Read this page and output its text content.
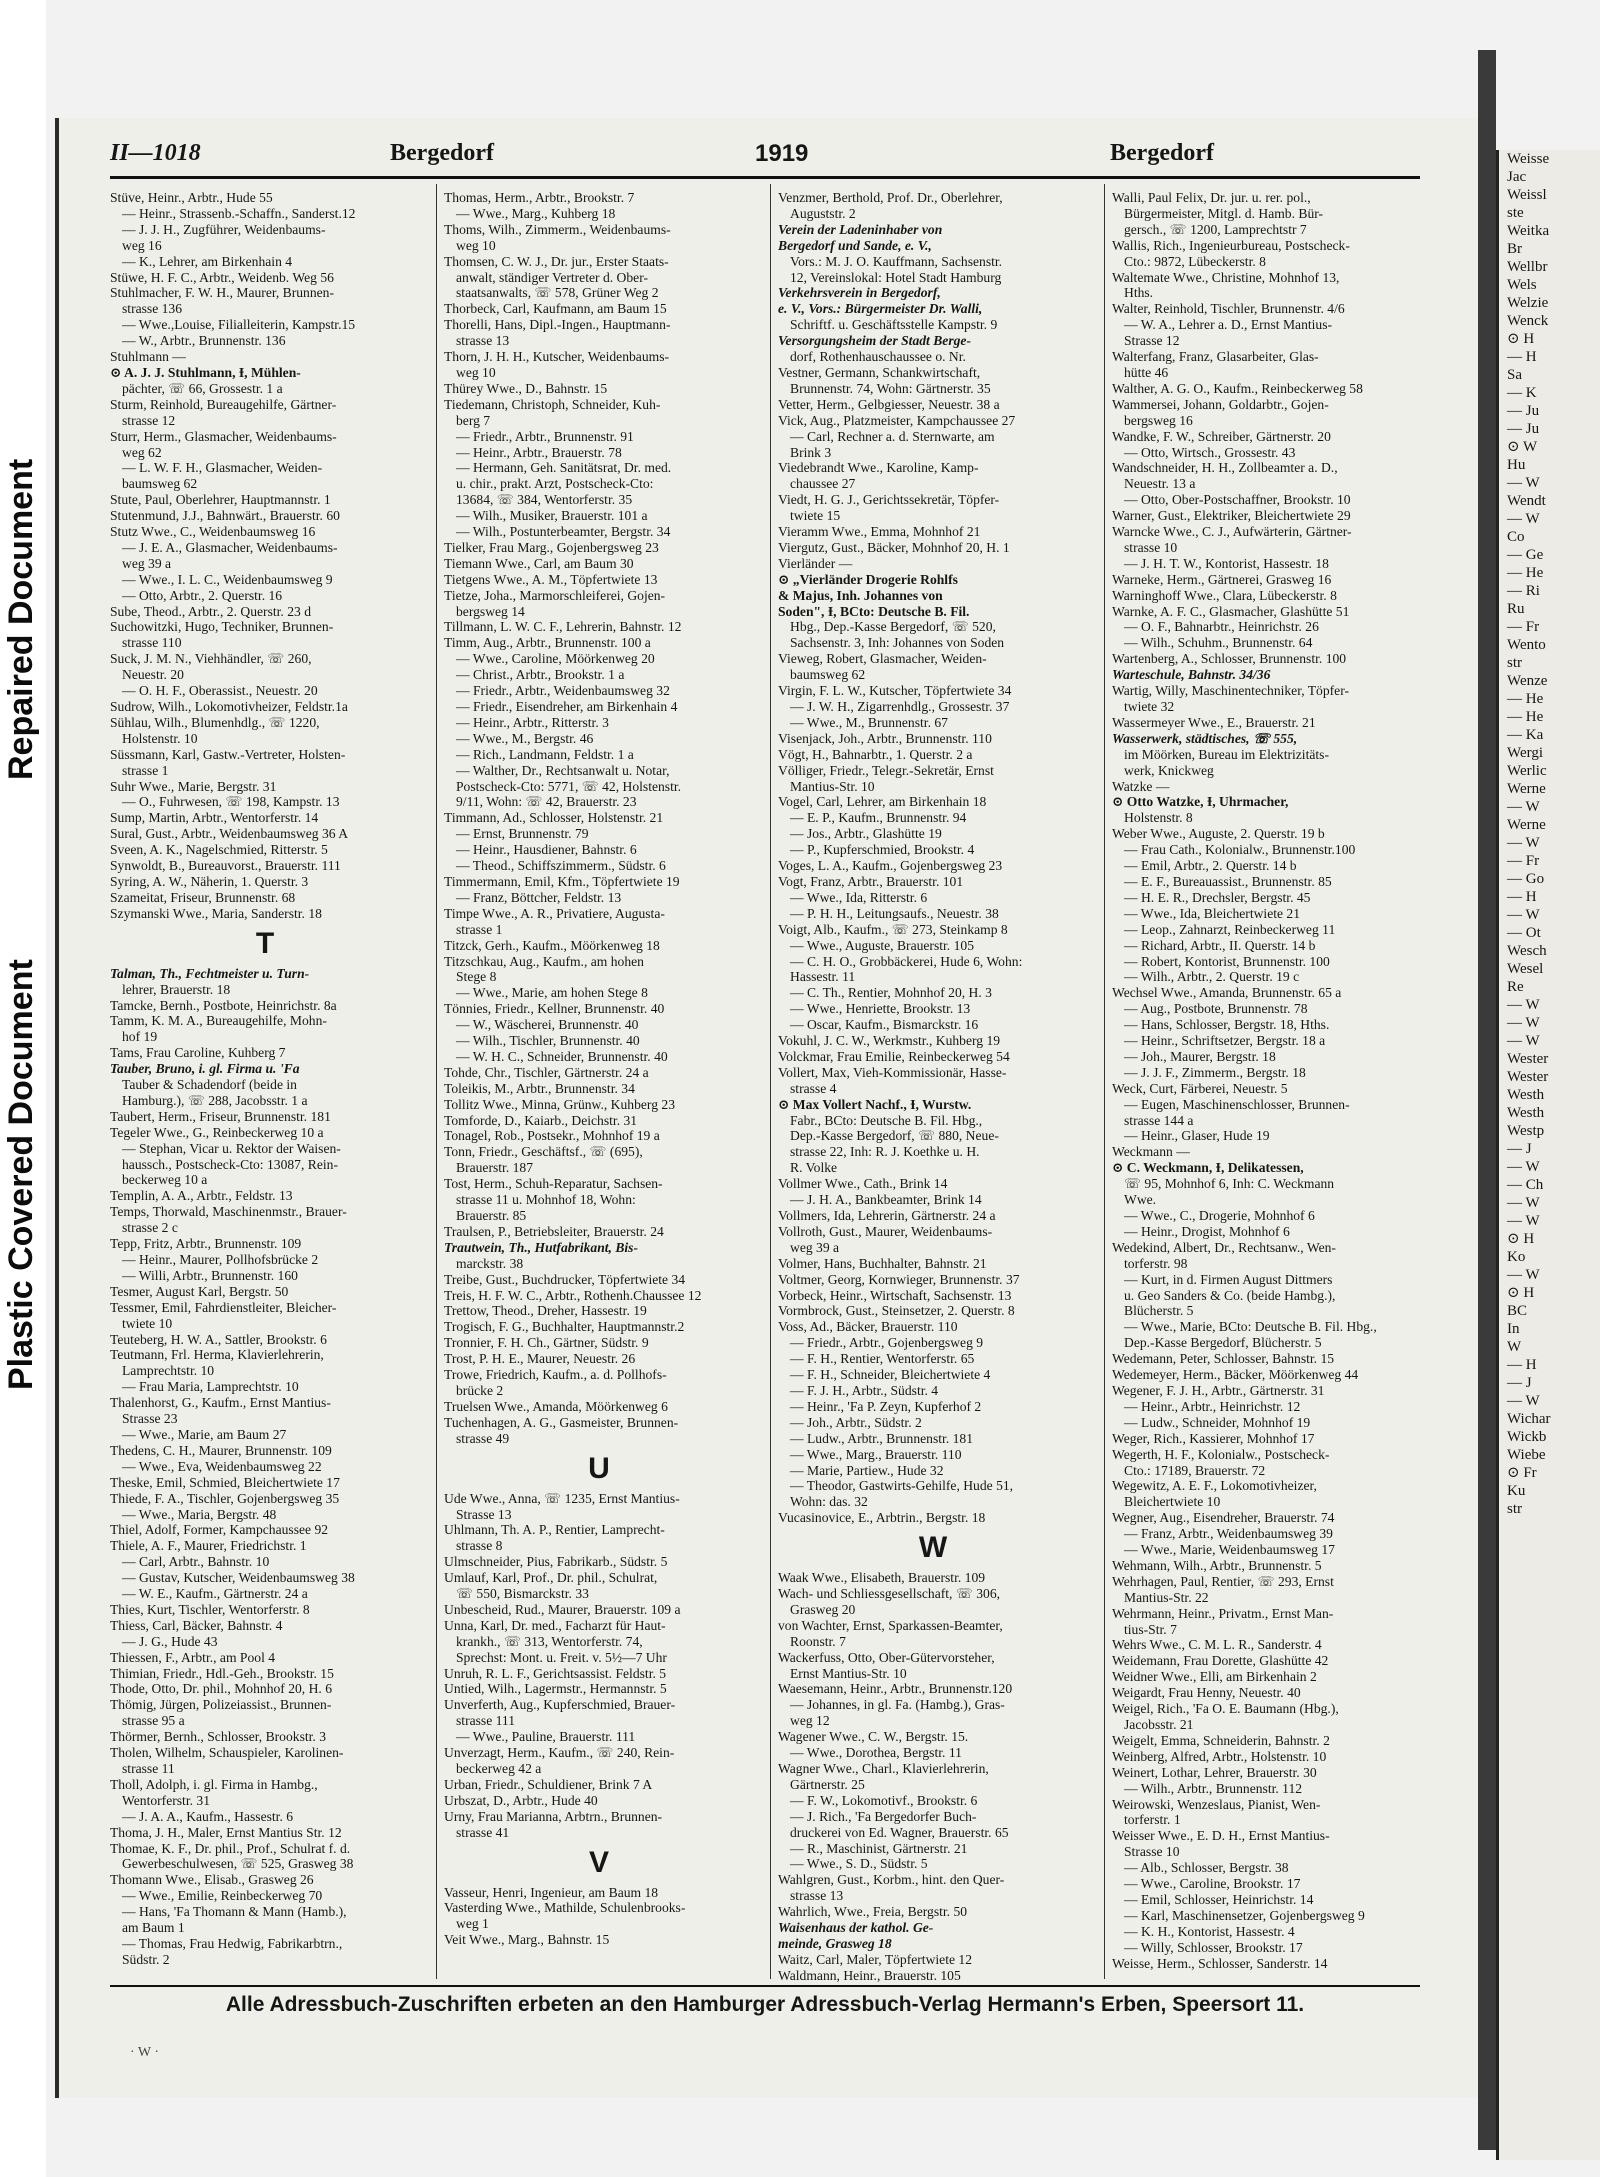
Repaired Document
Plastic Covered Document
Weisse
Jac
Weissl
ste
Weitka
Br
Wellbr
Wels
Welzie
Wenck
⊙ H
— H
Sa
— K
— Ju
— Ju
⊙ W
Hu
— W
Wendt
— W
Co
— Ge
— He
— Ri
Ru
— Fr
Wento
str
Wenze
— He
— He
— Ka
Wergi
Werlic
Werne
— W
Werne
— W
— Fr
— Go
— H
— W
— Ot
Wesch
Wesel
Re
— W
— W
— W
Wester
Wester
Westh
Westh
Westp
— J
— W
— Ch
— W
— W
⊙ H
Ko
— W
⊙ H
BC
In
W
— H
— J
— W
Wichar
Wickb
Wiebe
⊙ Fr
Ku
str
II—1018	Bergedorf	1919	Bergedorf
Stüve, Heinr., Arbtr., Hude 55
— Heinr., Strassenb.-Schaffn., Sanderst.12
— J. J. H., Zugführer, Weidenbaums-
weg 16
— K., Lehrer, am Birkenhain 4
Stüwe, H. F. C., Arbtr., Weidenb. Weg 56
Stuhlmacher, F. W. H., Maurer, Brunnen-
strasse 136
— Wwe.,Louise, Filialleiterin, Kampstr.15
— W., Arbtr., Brunnenstr. 136
Stuhlmann —
⊙ A. J. J. Stuhlmann, Ɨ, Mühlen-
pächter, ☏ 66, Grossestr. 1 a
Sturm, Reinhold, Bureaugehilfe, Gärtner-
strasse 12
Sturr, Herm., Glasmacher, Weidenbaums-
weg 62
— L. W. F. H., Glasmacher, Weiden-
baumsweg 62
Stute, Paul, Oberlehrer, Hauptmannstr. 1
Stutenmund, J.J., Bahnwärt., Brauerstr. 60
Stutz Wwe., C., Weidenbaumsweg 16
— J. E. A., Glasmacher, Weidenbaums-
weg 39 a
— Wwe., I. L. C., Weidenbaumsweg 9
— Otto, Arbtr., 2. Querstr. 16
Sube, Theod., Arbtr., 2. Querstr. 23 d
Suchowitzki, Hugo, Techniker, Brunnen-
strasse 110
Suck, J. M. N., Viehhändler, ☏ 260,
Neuestr. 20
— O. H. F., Oberassist., Neuestr. 20
Sudrow, Wilh., Lokomotivheizer, Feldstr.1a
Sühlau, Wilh., Blumenhdlg., ☏ 1220,
Holstenstr. 10
Süssmann, Karl, Gastw.-Vertreter, Holsten-
strasse 1
Suhr Wwe., Marie, Bergstr. 31
— O., Fuhrwesen, ☏ 198, Kampstr. 13
Sump, Martin, Arbtr., Wentorferstr. 14
Sural, Gust., Arbtr., Weidenbaumsweg 36 A
Sveen, A. K., Nagelschmied, Ritterstr. 5
Synwoldt, B., Bureauvorst., Brauerstr. 111
Syring, A. W., Näherin, 1. Querstr. 3
Szameitat, Friseur, Brunnenstr. 68
Szymanski Wwe., Maria, Sanderstr. 18
T
Talman, Th., Fechtmeister u. Turn-
lehrer, Brauerstr. 18
Tamcke, Bernh., Postbote, Heinrichstr. 8a
Tamm, K. M. A., Bureaugehilfe, Mohn-
hof 19
Tams, Frau Caroline, Kuhberg 7
Tauber, Bruno, i. gl. Firma u. 'Fa
Tauber & Schadendorf (beide in
Hamburg.), ☏ 288, Jacobsstr. 1 a
Taubert, Herm., Friseur, Brunnenstr. 181
Tegeler Wwe., G., Reinbeckerweg 10 a
— Stephan, Vicar u. Rektor der Waisen-
haussch., Postscheck-Cto: 13087, Rein-
beckerweg 10 a
Templin, A. A., Arbtr., Feldstr. 13
Temps, Thorwald, Maschinenmstr., Brauer-
strasse 2 c
Tepp, Fritz, Arbtr., Brunnenstr. 109
— Heinr., Maurer, Pollhofsbrücke 2
— Willi, Arbtr., Brunnenstr. 160
Tesmer, August Karl, Bergstr. 50
Tessmer, Emil, Fahrdienstleiter, Bleicher-
twiete 10
Teuteberg, H. W. A., Sattler, Brookstr. 6
Teutmann, Frl. Herma, Klavierlehrerin,
Lamprechtstr. 10
— Frau Maria, Lamprechtstr. 10
Thalenhorst, G., Kaufm., Ernst Mantius-
Strasse 23
— Wwe., Marie, am Baum 27
Thedens, C. H., Maurer, Brunnenstr. 109
— Wwe., Eva, Weidenbaumsweg 22
Theske, Emil, Schmied, Bleichertwiete 17
Thiede, F. A., Tischler, Gojenbergsweg 35
— Wwe., Maria, Bergstr. 48
Thiel, Adolf, Former, Kampchaussee 92
Thiele, A. F., Maurer, Friedrichstr. 1
— Carl, Arbtr., Bahnstr. 10
— Gustav, Kutscher, Weidenbaumsweg 38
— W. E., Kaufm., Gärtnerstr. 24 a
Thies, Kurt, Tischler, Wentorferstr. 8
Thiess, Carl, Bäcker, Bahnstr. 4
— J. G., Hude 43
Thiessen, F., Arbtr., am Pool 4
Thimian, Friedr., Hdl.-Geh., Brookstr. 15
Thode, Otto, Dr. phil., Mohnhof 20, H. 6
Thömig, Jürgen, Polizeiassist., Brunnen-
strasse 95 a
Thörmer, Bernh., Schlosser, Brookstr. 3
Tholen, Wilhelm, Schauspieler, Karolinen-
strasse 11
Tholl, Adolph, i. gl. Firma in Hambg.,
Wentorferstr. 31
— J. A. A., Kaufm., Hassestr. 6
Thoma, J. H., Maler, Ernst Mantius Str. 12
Thomae, K. F., Dr. phil., Prof., Schulrat f. d.
Gewerbeschulwesen, ☏ 525, Grasweg 38
Thomann Wwe., Elisab., Grasweg 26
— Wwe., Emilie, Reinbeckerweg 70
— Hans, 'Fa Thomann & Mann (Hamb.),
am Baum 1
— Thomas, Frau Hedwig, Fabrikarbtrn.,
Südstr. 2
Thomas, Herm., Arbtr., Brookstr. 7
— Wwe., Marg., Kuhberg 18
Thoms, Wilh., Zimmerm., Weidenbaums-
weg 10
Thomsen, C. W. J., Dr. jur., Erster Staats-
anwalt, ständiger Vertreter d. Ober-
staatsanwalts, ☏ 578, Grüner Weg 2
Thorbeck, Carl, Kaufmann, am Baum 15
Thorelli, Hans, Dipl.-Ingen., Hauptmann-
strasse 13
Thorn, J. H. H., Kutscher, Weidenbaums-
weg 10
Thürey Wwe., D., Bahnstr. 15
Tiedemann, Christoph, Schneider, Kuh-
berg 7
— Friedr., Arbtr., Brunnenstr. 91
— Heinr., Arbtr., Brauerstr. 78
— Hermann, Geh. Sanitätsrat, Dr. med.
u. chir., prakt. Arzt, Postscheck-Cto:
13684, ☏ 384, Wentorferstr. 35
— Wilh., Musiker, Brauerstr. 101 a
— Wilh., Postunterbeamter, Bergstr. 34
Tielker, Frau Marg., Gojenbergsweg 23
Tiemann Wwe., Carl, am Baum 30
Tietgens Wwe., A. M., Töpfertwiete 13
Tietze, Joha., Marmorschleiferei, Gojen-
bergsweg 14
Tillmann, L. W. C. F., Lehrerin, Bahnstr. 12
Timm, Aug., Arbtr., Brunnenstr. 100 a
— Wwe., Caroline, Möörkenweg 20
— Christ., Arbtr., Brookstr. 1 a
— Friedr., Arbtr., Weidenbaumsweg 32
— Friedr., Eisendreher, am Birkenhain 4
— Heinr., Arbtr., Ritterstr. 3
— Wwe., M., Bergstr. 46
— Rich., Landmann, Feldstr. 1 a
— Walther, Dr., Rechtsanwalt u. Notar,
Postscheck-Cto: 5771, ☏ 42, Holstenstr.
9/11, Wohn: ☏ 42, Brauerstr. 23
Timmann, Ad., Schlosser, Holstenstr. 21
— Ernst, Brunnenstr. 79
— Heinr., Hausdiener, Bahnstr. 6
— Theod., Schiffszimmerm., Südstr. 6
Timmermann, Emil, Kfm., Töpfertwiete 19
— Franz, Böttcher, Feldstr. 13
Timpe Wwe., A. R., Privatiere, Augusta-
strasse 1
Titzck, Gerh., Kaufm., Möörkenweg 18
Titzschkau, Aug., Kaufm., am hohen
Stege 8
— Wwe., Marie, am hohen Stege 8
Tönnies, Friedr., Kellner, Brunnenstr. 40
— W., Wäscherei, Brunnenstr. 40
— Wilh., Tischler, Brunnenstr. 40
— W. H. C., Schneider, Brunnenstr. 40
Tohde, Chr., Tischler, Gärtnerstr. 24 a
Toleikis, M., Arbtr., Brunnenstr. 34
Tollitz Wwe., Minna, Grünw., Kuhberg 23
Tomforde, D., Kaiarb., Deichstr. 31
Tonagel, Rob., Postsekr., Mohnhof 19 a
Tonn, Friedr., Geschäftsf., ☏ (695),
Brauerstr. 187
Tost, Herm., Schuh-Reparatur, Sachsen-
strasse 11 u. Mohnhof 18, Wohn:
Brauerstr. 85
Traulsen, P., Betriebsleiter, Brauerstr. 24
Trautwein, Th., Hutfabrikant, Bis-
marckstr. 38
Treibe, Gust., Buchdrucker, Töpfertwiete 34
Treis, H. F. W. C., Arbtr., Rothenh.Chaussee 12
Trettow, Theod., Dreher, Hassestr. 19
Trogisch, F. G., Buchhalter, Hauptmannstr.2
Tronnier, F. H. Ch., Gärtner, Südstr. 9
Trost, P. H. E., Maurer, Neuestr. 26
Trowe, Friedrich, Kaufm., a. d. Pollhofs-
brücke 2
Truelsen Wwe., Amanda, Möörkenweg 6
Tuchenhagen, A. G., Gasmeister, Brunnen-
strasse 49
U
Ude Wwe., Anna, ☏ 1235, Ernst Mantius-
Strasse 13
Uhlmann, Th. A. P., Rentier, Lamprecht-
strasse 8
Ulmschneider, Pius, Fabrikarb., Südstr. 5
Umlauf, Karl, Prof., Dr. phil., Schulrat,
☏ 550, Bismarckstr. 33
Unbescheid, Rud., Maurer, Brauerstr. 109 a
Unna, Karl, Dr. med., Facharzt für Haut-
krankh., ☏ 313, Wentorferstr. 74,
Sprechst: Mont. u. Freit. v. 5½—7 Uhr
Unruh, R. L. F., Gerichtsassist. Feldstr. 5
Untied, Wilh., Lagermstr., Hermannstr. 5
Unverferth, Aug., Kupferschmied, Brauer-
strasse 111
— Wwe., Pauline, Brauerstr. 111
Unverzagt, Herm., Kaufm., ☏ 240, Rein-
beckerweg 42 a
Urban, Friedr., Schuldiener, Brink 7 A
Urbszat, D., Arbtr., Hude 40
Urny, Frau Marianna, Arbtrn., Brunnen-
strasse 41
V
Vasseur, Henri, Ingenieur, am Baum 18
Vasterding Wwe., Mathilde, Schulenbrooks-
weg 1
Veit Wwe., Marg., Bahnstr. 15
Venzmer, Berthold, Prof. Dr., Oberlehrer,
Auguststr. 2
Verein der Ladeninhaber von
Bergedorf und Sande, e. V.,
Vors.: M. J. O. Kauffmann, Sachsenstr.
12, Vereinslokal: Hotel Stadt Hamburg
Verkehrsverein in Bergedorf,
e. V., Vors.: Bürgermeister Dr. Walli,
Schriftf. u. Geschäftsstelle Kampstr. 9
Versorgungsheim der Stadt Berge-
dorf, Rothenhauschaussee o. Nr.
Vestner, Germann, Schankwirtschaft,
Brunnenstr. 74, Wohn: Gärtnerstr. 35
Vetter, Herm., Gelbgiesser, Neuestr. 38 a
Vick, Aug., Platzmeister, Kampchaussee 27
— Carl, Rechner a. d. Sternwarte, am
Brink 3
Viedebrandt Wwe., Karoline, Kamp-
chaussee 27
Viedt, H. G. J., Gerichtssekretär, Töpfer-
twiete 15
Vieramm Wwe., Emma, Mohnhof 21
Viergutz, Gust., Bäcker, Mohnhof 20, H. 1
Vierländer —
⊙ „Vierländer Drogerie Rohlfs
& Majus, Inh. Johannes von
Soden", Ɨ, BCto: Deutsche B. Fil.
Hbg., Dep.-Kasse Bergedorf, ☏ 520,
Sachsenstr. 3, Inh: Johannes von Soden
Vieweg, Robert, Glasmacher, Weiden-
baumsweg 62
Virgin, F. L. W., Kutscher, Töpfertwiete 34
— J. W. H., Zigarrenhdlg., Grossestr. 37
— Wwe., M., Brunnenstr. 67
Visenjack, Joh., Arbtr., Brunnenstr. 110
Vögt, H., Bahnarbtr., 1. Querstr. 2 a
Völliger, Friedr., Telegr.-Sekretär, Ernst
Mantius-Str. 10
Vogel, Carl, Lehrer, am Birkenhain 18
— E. P., Kaufm., Brunnenstr. 94
— Jos., Arbtr., Glashütte 19
— P., Kupferschmied, Brookstr. 4
Voges, L. A., Kaufm., Gojenbergsweg 23
Vogt, Franz, Arbtr., Brauerstr. 101
— Wwe., Ida, Ritterstr. 6
— P. H. H., Leitungsaufs., Neuestr. 38
Voigt, Alb., Kaufm., ☏ 273, Steinkamp 8
— Wwe., Auguste, Brauerstr. 105
— C. H. O., Grobbäckerei, Hude 6, Wohn:
Hassestr. 11
— C. Th., Rentier, Mohnhof 20, H. 3
— Wwe., Henriette, Brookstr. 13
— Oscar, Kaufm., Bismarckstr. 16
Vokuhl, J. C. W., Werkmstr., Kuhberg 19
Volckmar, Frau Emilie, Reinbeckerweg 54
Vollert, Max, Vieh-Kommissionär, Hasse-
strasse 4
⊙ Max Vollert Nachf., Ɨ, Wurstw.
Fabr., BCto: Deutsche B. Fil. Hbg.,
Dep.-Kasse Bergedorf, ☏ 880, Neue-
strasse 22, Inh: R. J. Koethke u. H.
R. Volke
Vollmer Wwe., Cath., Brink 14
— J. H. A., Bankbeamter, Brink 14
Vollmers, Ida, Lehrerin, Gärtnerstr. 24 a
Vollroth, Gust., Maurer, Weidenbaums-
weg 39 a
Volmer, Hans, Buchhalter, Bahnstr. 21
Voltmer, Georg, Kornwieger, Brunnenstr. 37
Vorbeck, Heinr., Wirtschaft, Sachsenstr. 13
Vormbrock, Gust., Steinsetzer, 2. Querstr. 8
Voss, Ad., Bäcker, Brauerstr. 110
— Friedr., Arbtr., Gojenbergsweg 9
— F. H., Rentier, Wentorferstr. 65
— F. H., Schneider, Bleichertwiete 4
— F. J. H., Arbtr., Südstr. 4
— Heinr., 'Fa P. Zeyn, Kupferhof 2
— Joh., Arbtr., Südstr. 2
— Ludw., Arbtr., Brunnenstr. 181
— Wwe., Marg., Brauerstr. 110
— Marie, Partiew., Hude 32
— Theodor, Gastwirts-Gehilfe, Hude 51,
Wohn: das. 32
Vucasinovice, E., Arbtrin., Bergstr. 18
W
Waak Wwe., Elisabeth, Brauerstr. 109
Wach- und Schliessgesellschaft, ☏ 306,
Grasweg 20
von Wachter, Ernst, Sparkassen-Beamter,
Roonstr. 7
Wackerfuss, Otto, Ober-Gütervorsteher,
Ernst Mantius-Str. 10
Waesemann, Heinr., Arbtr., Brunnenstr.120
— Johannes, in gl. Fa. (Hambg.), Gras-
weg 12
Wagener Wwe., C. W., Bergstr. 15.
— Wwe., Dorothea, Bergstr. 11
Wagner Wwe., Charl., Klavierlehrerin,
Gärtnerstr. 25
— F. W., Lokomotivf., Brookstr. 6
— J. Rich., 'Fa Bergedorfer Buch-
druckerei von Ed. Wagner, Brauerstr. 65
— R., Maschinist, Gärtnerstr. 21
— Wwe., S. D., Südstr. 5
Wahlgren, Gust., Korbm., hint. den Quer-
strasse 13
Wahrlich, Wwe., Freia, Bergstr. 50
Waisenhaus der kathol. Ge-
meinde, Grasweg 18
Waitz, Carl, Maler, Töpfertwiete 12
Waldmann, Heinr., Brauerstr. 105
Walli, Paul Felix, Dr. jur. u. rer. pol.,
Bürgermeister, Mitgl. d. Hamb. Bür-
gersch., ☏ 1200, Lamprechtstr 7
Wallis, Rich., Ingenieurbureau, Postscheck-
Cto.: 9872, Lübeckerstr. 8
Waltemate Wwe., Christine, Mohnhof 13,
Hths.
Walter, Reinhold, Tischler, Brunnenstr. 4/6
— W. A., Lehrer a. D., Ernst Mantius-
Strasse 12
Walterfang, Franz, Glasarbeiter, Glas-
hütte 46
Walther, A. G. O., Kaufm., Reinbeckerweg 58
Wammersei, Johann, Goldarbtr., Gojen-
bergsweg 16
Wandke, F. W., Schreiber, Gärtnerstr. 20
— Otto, Wirtsch., Grossestr. 43
Wandschneider, H. H., Zollbeamter a. D.,
Neuestr. 13 a
— Otto, Ober-Postschaffner, Brookstr. 10
Warner, Gust., Elektriker, Bleichertwiete 29
Warncke Wwe., C. J., Aufwärterin, Gärtner-
strasse 10
— J. H. T. W., Kontorist, Hassestr. 18
Warneke, Herm., Gärtnerei, Grasweg 16
Warninghoff Wwe., Clara, Lübeckerstr. 8
Warnke, A. F. C., Glasmacher, Glashütte 51
— O. F., Bahnarbtr., Heinrichstr. 26
— Wilh., Schuhm., Brunnenstr. 64
Wartenberg, A., Schlosser, Brunnenstr. 100
Warteschule, Bahnstr. 34/36
Wartig, Willy, Maschinentechniker, Töpfer-
twiete 32
Wassermeyer Wwe., E., Brauerstr. 21
Wasserwerk, städtisches, ☏ 555,
im Möörken, Bureau im Elektrizitäts-
werk, Knickweg
Watzke —
⊙ Otto Watzke, Ɨ, Uhrmacher,
Holstenstr. 8
Weber Wwe., Auguste, 2. Querstr. 19 b
— Frau Cath., Kolonialw., Brunnenstr.100
— Emil, Arbtr., 2. Querstr. 14 b
— E. F., Bureauassist., Brunnenstr. 85
— H. E. R., Drechsler, Bergstr. 45
— Wwe., Ida, Bleichertwiete 21
— Leop., Zahnarzt, Reinbeckerweg 11
— Richard, Arbtr., II. Querstr. 14 b
— Robert, Kontorist, Brunnenstr. 100
— Wilh., Arbtr., 2. Querstr. 19 c
Wechsel Wwe., Amanda, Brunnenstr. 65 a
— Aug., Postbote, Brunnenstr. 78
— Hans, Schlosser, Bergstr. 18, Hths.
— Heinr., Schriftsetzer, Bergstr. 18 a
— Joh., Maurer, Bergstr. 18
— J. J. F., Zimmerm., Bergstr. 18
Weck, Curt, Färberei, Neuestr. 5
— Eugen, Maschinenschlosser, Brunnen-
strasse 144 a
— Heinr., Glaser, Hude 19
Weckmann —
⊙ C. Weckmann, Ɨ, Delikatessen,
☏ 95, Mohnhof 6, Inh: C. Weckmann
Wwe.
— Wwe., C., Drogerie, Mohnhof 6
— Heinr., Drogist, Mohnhof 6
Wedekind, Albert, Dr., Rechtsanw., Wen-
torferstr. 98
— Kurt, in d. Firmen August Dittmers
u. Geo Sanders & Co. (beide Hambg.),
Blücherstr. 5
— Wwe., Marie, BCto: Deutsche B. Fil. Hbg.,
Dep.-Kasse Bergedorf, Blücherstr. 5
Wedemann, Peter, Schlosser, Bahnstr. 15
Wedemeyer, Herm., Bäcker, Möörkenweg 44
Wegener, F. J. H., Arbtr., Gärtnerstr. 31
— Heinr., Arbtr., Heinrichstr. 12
— Ludw., Schneider, Mohnhof 19
Weger, Rich., Kassierer, Mohnhof 17
Wegerth, H. F., Kolonialw., Postscheck-
Cto.: 17189, Brauerstr. 72
Wegewitz, A. E. F., Lokomotivheizer,
Bleichertwiete 10
Wegner, Aug., Eisendreher, Brauerstr. 74
— Franz, Arbtr., Weidenbaumsweg 39
— Wwe., Marie, Weidenbaumsweg 17
Wehmann, Wilh., Arbtr., Brunnenstr. 5
Wehrhagen, Paul, Rentier, ☏ 293, Ernst
Mantius-Str. 22
Wehrmann, Heinr., Privatm., Ernst Man-
tius-Str. 7
Wehrs Wwe., C. M. L. R., Sanderstr. 4
Weidemann, Frau Dorette, Glashütte 42
Weidner Wwe., Elli, am Birkenhain 2
Weigardt, Frau Henny, Neuestr. 40
Weigel, Rich., 'Fa O. E. Baumann (Hbg.),
Jacobsstr. 21
Weigelt, Emma, Schneiderin, Bahnstr. 2
Weinberg, Alfred, Arbtr., Holstenstr. 10
Weinert, Lothar, Lehrer, Brauerstr. 30
— Wilh., Arbtr., Brunnenstr. 112
Weirowski, Wenzeslaus, Pianist, Wen-
torferstr. 1
Weisser Wwe., E. D. H., Ernst Mantius-
Strasse 10
— Alb., Schlosser, Bergstr. 38
— Wwe., Caroline, Brookstr. 17
— Emil, Schlosser, Heinrichstr. 14
— Karl, Maschinensetzer, Gojenbergsweg 9
— K. H., Kontorist, Hassestr. 4
— Willy, Schlosser, Brookstr. 17
Weisse, Herm., Schlosser, Sanderstr. 14
Alle Adressbuch-Zuschriften erbeten an den Hamburger Adressbuch-Verlag Hermann's Erben, Speersort 11.
· W ·
